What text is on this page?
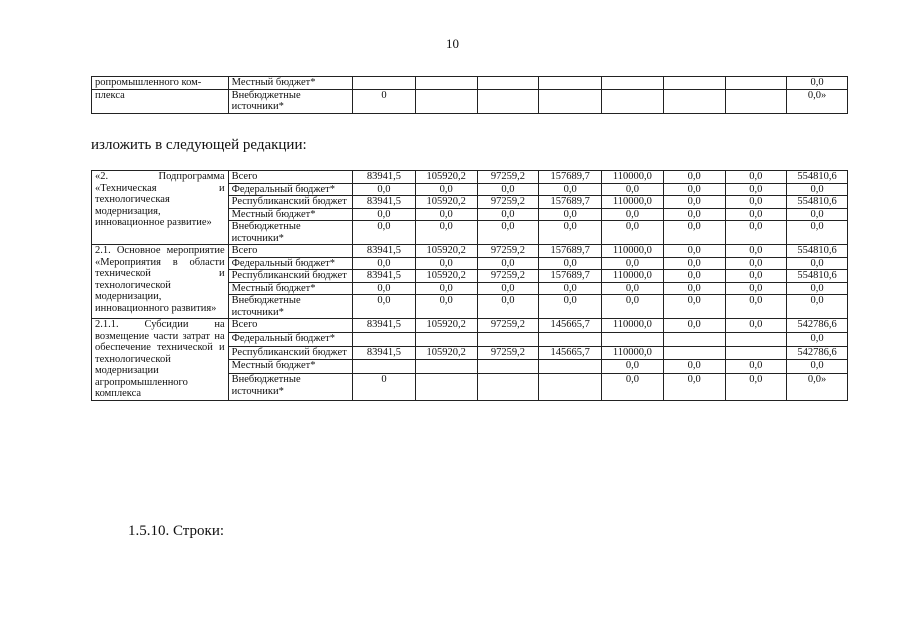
10
ропромышленного ком-	Местный бюджет*								0,0
плекса	Внебюджетные источники*	0							0,0»
изложить в следующей редакции:
«2. Подпрограмма «Техническая и технологическая модернизация, инновационное развитие»	Всего	83941,5	105920,2	97259,2	157689,7	110000,0	0,0	0,0	554810,6
	Федеральный бюджет*	0,0	0,0	0,0	0,0	0,0	0,0	0,0	0,0
	Республиканский бюджет	83941,5	105920,2	97259,2	157689,7	110000,0	0,0	0,0	554810,6
	Местный бюджет*	0,0	0,0	0,0	0,0	0,0	0,0	0,0	0,0
	Внебюджетные источники*	0,0	0,0	0,0	0,0	0,0	0,0	0,0	0,0
2.1. Основное мероприятие «Мероприятия в области технической и технологической модернизации, инновационного развития»	Всего	83941,5	105920,2	97259,2	157689,7	110000,0	0,0	0,0	554810,6
	Федеральный бюджет*	0,0	0,0	0,0	0,0	0,0	0,0	0,0	0,0
	Республиканский бюджет	83941,5	105920,2	97259,2	157689,7	110000,0	0,0	0,0	554810,6
	Местный бюджет*	0,0	0,0	0,0	0,0	0,0	0,0	0,0	0,0
	Внебюджетные источники*	0,0	0,0	0,0	0,0	0,0	0,0	0,0	0,0
2.1.1. Субсидии на возмещение части затрат на обеспечение технической и технологической модернизации агропромышленного комплекса	Всего	83941,5	105920,2	97259,2	145665,7	110000,0	0,0	0,0	542786,6
	Федеральный бюджет*								0,0
	Республиканский бюджет	83941,5	105920,2	97259,2	145665,7	110000,0			542786,6
	Местный бюджет*					0,0	0,0	0,0	0,0
	Внебюджетные источники*	0				0,0	0,0	0,0	0,0»
1.5.10. Строки:
